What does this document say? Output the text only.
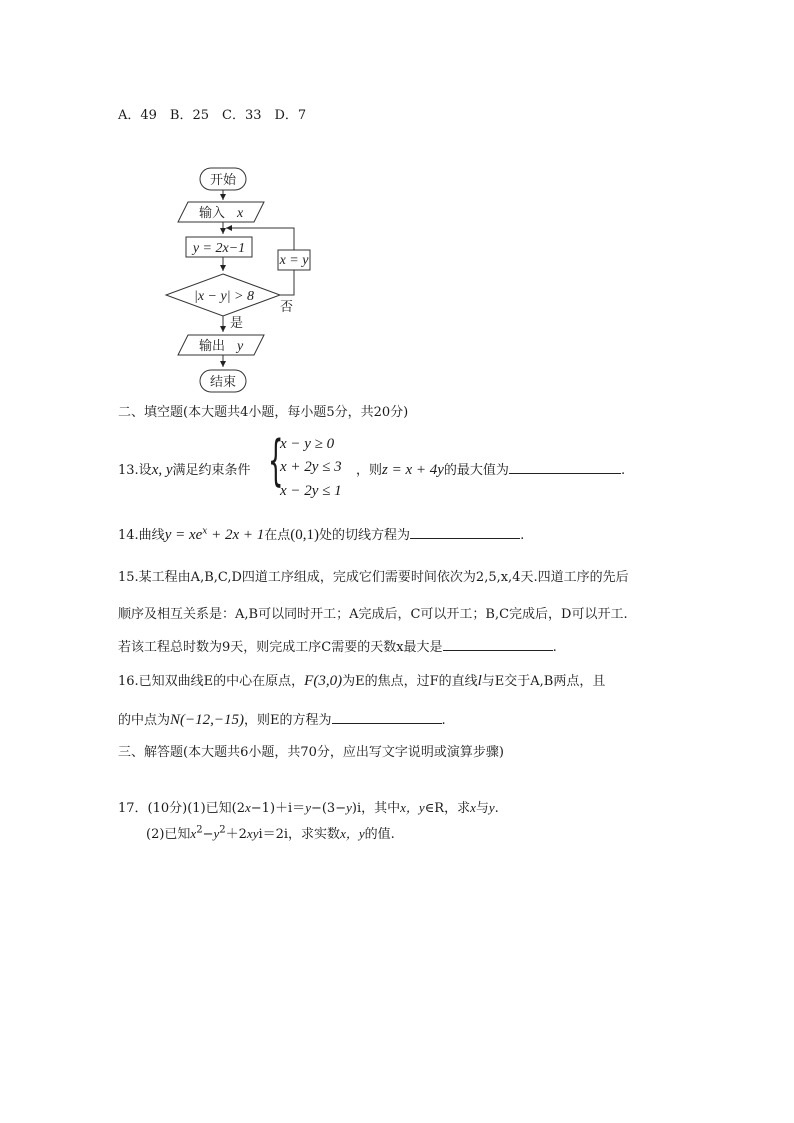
A．49　B．25　C．33　D．7
开始
输入 x
y = 2x−1
|x − y| > 8
x = y
否
是
输出 y
结束
二、填空题(本大题共4小题，每小题5分，共20分)
13.设x, y满足约束条件 {
x − y ≥ 0
x + 2y ≤ 3
x − 2y ≤ 1
，则z = x + 4y的最大值为	.
14.曲线$y = xe^x + 2x + 1$在点(0,1)处的切线方程为	.
15.某工程由A,B,C,D四道工序组成，完成它们需要时间依次为2,5,x,4天.四道工序的先后
顺序及相互关系是：A,B可以同时开工；A完成后，C可以开工；B,C完成后，D可以开工.
若该工程总时数为9天，则完成工序C需要的天数x最大是	.
16.已知双曲线E的中心在原点，F(3,0)为E的焦点，过F的直线l与E交于A,B两点，且
的中点为N(−12,−15)，则E的方程为	.
三、解答题(本大题共6小题，共70分，应出写文字说明或演算步骤)
17．(10分)(1)已知(2x−1)＋i＝y−(3−y)i，其中x，y∈R，求x与y.
(2)已知$x^2-y^2+2xyi=2i$，求实数x，y的值.
